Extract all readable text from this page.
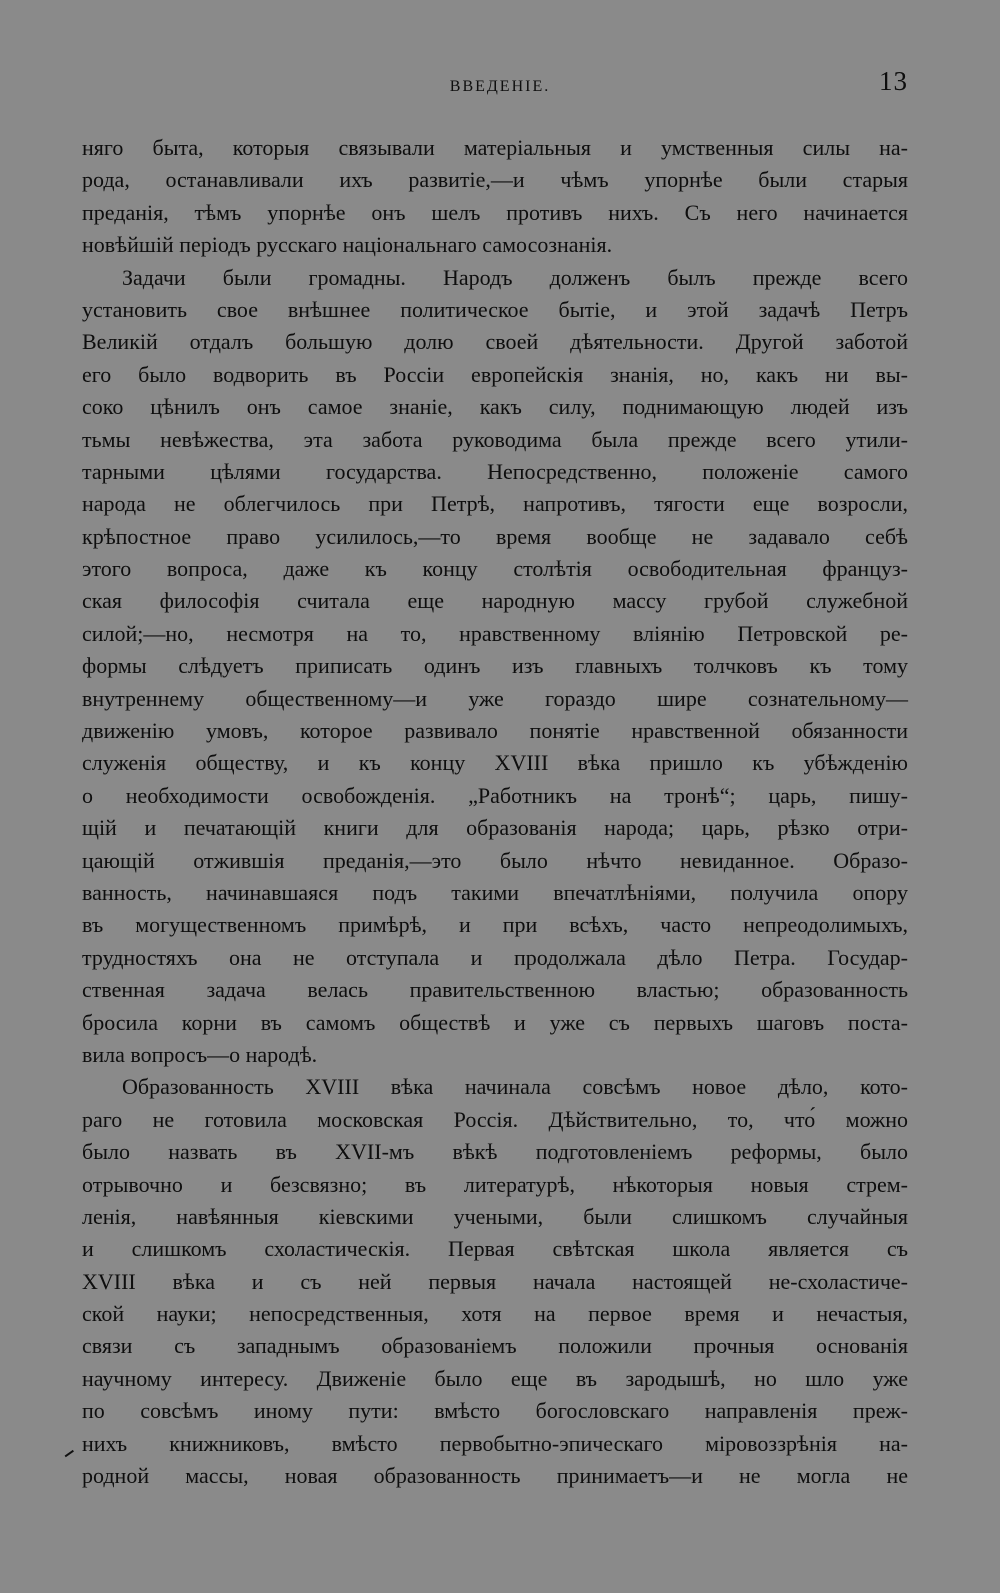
ВВЕДЕНІЕ.	13
няго быта, которыя связывали матеріальныя и умственныя силы на-
рода, останавливали ихъ развитіе,—и чѣмъ упорнѣе были старыя
преданія, тѣмъ упорнѣе онъ шелъ противъ нихъ. Съ него начинается
новѣйшій періодъ русскаго національнаго самосознанія.
Задачи были громадны. Народъ долженъ былъ прежде всего
установить свое внѣшнее политическое бытіе, и этой задачѣ Петръ
Великій отдалъ большую долю своей дѣятельности. Другой заботой
его было водворить въ Россіи европейскія знанія, но, какъ ни вы-
соко цѣнилъ онъ самое знаніе, какъ силу, поднимающую людей изъ
тьмы невѣжества, эта забота руководима была прежде всего утили-
тарными цѣлями государства. Непосредственно, положеніе самого
народа не облегчилось при Петрѣ, напротивъ, тягости еще возросли,
крѣпостное право усилилось,—то время вообще не задавало себѣ
этого вопроса, даже къ концу столѣтія освободительная француз-
ская философія считала еще народную массу грубой служебной
силой;—но, несмотря на то, нравственному вліянію Петровской ре-
формы слѣдуетъ приписать одинъ изъ главныхъ толчковъ къ тому
внутреннему общественному—и уже гораздо шире сознательному—
движенію умовъ, которое развивало понятіе нравственной обязанности
служенія обществу, и къ концу XVIII вѣка пришло къ убѣжденію
о необходимости освобожденія. „Работникъ на тронѣ“; царь, пишу-
щій и печатающій книги для образованія народа; царь, рѣзко отри-
цающій отжившія преданія,—это было нѣчто невиданное. Образо-
ванность, начинавшаяся подъ такими впечатлѣніями, получила опору
въ могущественномъ примѣрѣ, и при всѣхъ, часто непреодолимыхъ,
трудностяхъ она не отступала и продолжала дѣло Петра. Государ-
ственная задача велась правительственною властью; образованность
бросила корни въ самомъ обществѣ и уже съ первыхъ шаговъ поста-
вила вопросъ—о народѣ.
Образованность XVIII вѣка начинала совсѣмъ новое дѣло, кото-
раго не готовила московская Россія. Дѣйствительно, то, что́ можно
было назвать въ XVII-мъ вѣкѣ подготовленіемъ реформы, было
отрывочно и безсвязно; въ литературѣ, нѣкоторыя новыя стрем-
ленія, навѣянныя кіевскими учеными, были слишкомъ случайныя
и слишкомъ схоластическія. Первая свѣтская школа является съ
XVIII вѣка и съ ней первыя начала настоящей не-схоластиче-
ской науки; непосредственныя, хотя на первое время и нечастыя,
связи съ западнымъ образованіемъ положили прочныя основанія
научному интересу. Движеніе было еще въ зародышѣ, но шло уже
по совсѣмъ иному пути: вмѣсто богословскаго направленія преж-
нихъ книжниковъ, вмѣсто первобытно-эпическаго міровоззрѣнія на-
родной массы, новая образованность принимаетъ—и не могла не
